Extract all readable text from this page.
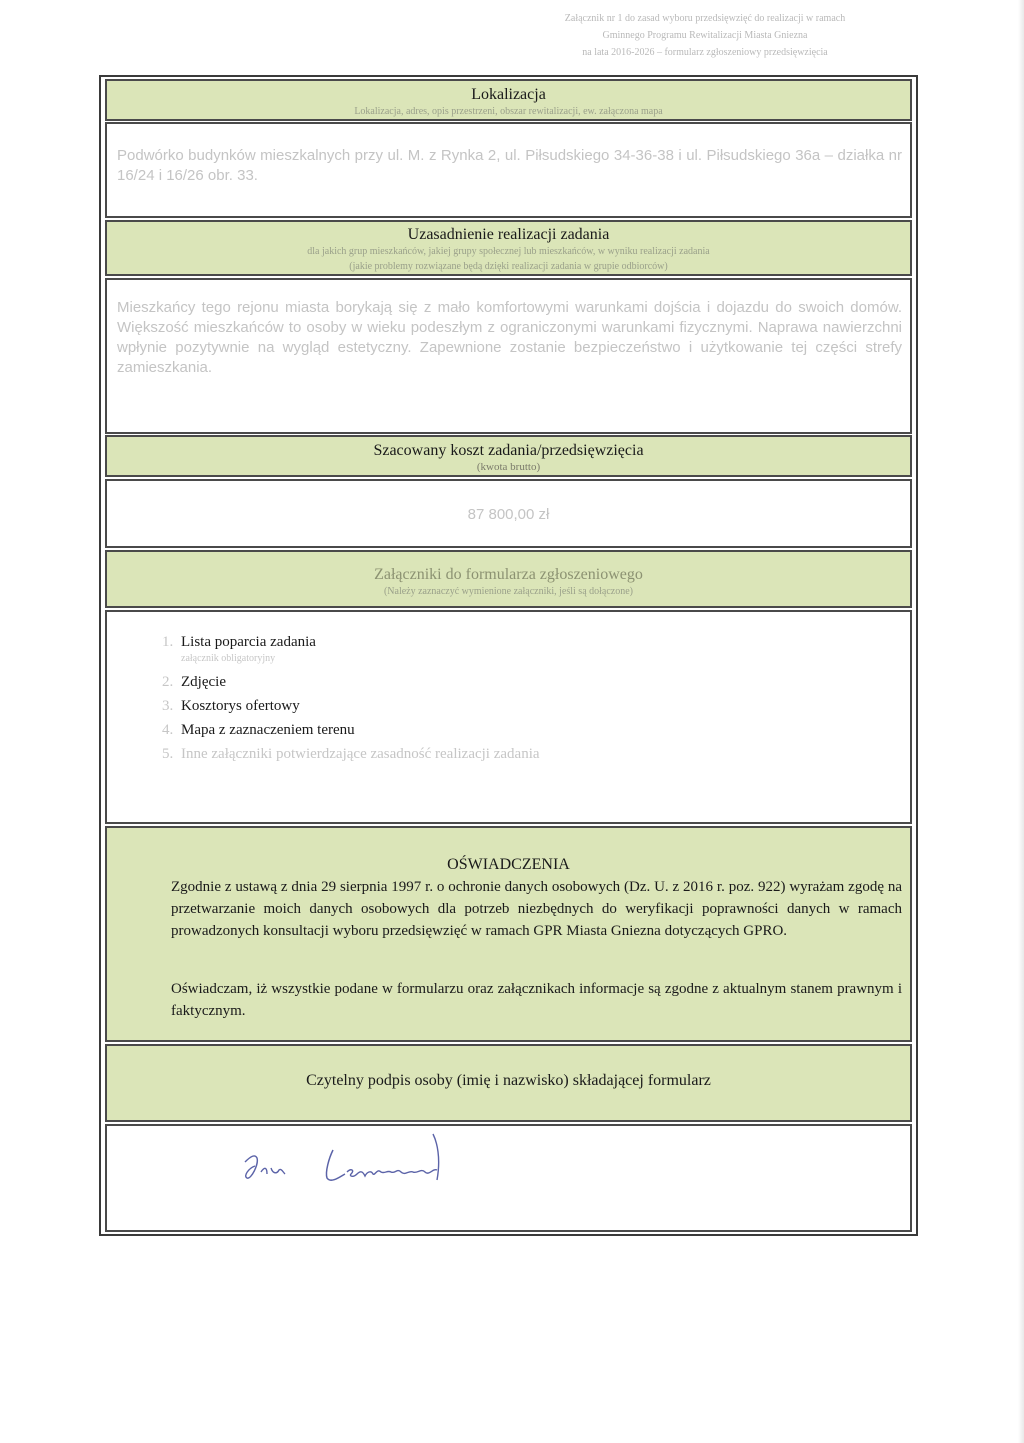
Załącznik nr 1 do zasad wyboru przedsięwzięć do realizacji w ramach
Gminnego Programu Rewitalizacji Miasta Gniezna
na lata 2016-2026 – formularz zgłoszeniowy przedsięwzięcia
Lokalizacja
Lokalizacja, adres, opis przestrzeni, obszar rewitalizacji, ew. załączona mapa
Podwórko budynków mieszkalnych przy ul. M. z Rynka 2, ul. Piłsudskiego 34-36-38 i ul. Piłsudskiego 36a – działka nr 16/24 i 16/26 obr. 33.
Uzasadnienie realizacji zadania
dla jakich grup mieszkańców, jakiej grupy społecznej lub mieszkańców, w wyniku realizacji zadania
(jakie problemy rozwiązane będą dzięki realizacji zadania w grupie odbiorców)
Mieszkańcy tego rejonu miasta borykają się z mało komfortowymi warunkami dojścia i dojazdu do swoich domów. Większość mieszkańców to osoby w wieku podeszłym z ograniczonymi warunkami fizycznymi. Naprawa nawierzchni wpłynie pozytywnie na wygląd estetyczny. Zapewnione zostanie bezpieczeństwo i użytkowanie tej części strefy zamieszkania.
Szacowany koszt zadania/przedsięwzięcia
(kwota brutto)
87 800,00 zł
Załączniki do formularza zgłoszeniowego
(Należy zaznaczyć wymienione załączniki, jeśli są dołączone)
1. Lista poparcia zadania
załącznik obligatoryjny
2. Zdjęcie
3. Kosztorys ofertowy
4. Mapa z zaznaczeniem terenu
5. Inne załączniki potwierdzające zasadność realizacji zadania
OŚWIADCZENIA
Zgodnie z ustawą z dnia 29 sierpnia 1997 r. o ochronie danych osobowych (Dz. U. z 2016 r. poz. 922) wyrażam zgodę na przetwarzanie moich danych osobowych dla potrzeb niezbędnych do weryfikacji poprawności danych w ramach prowadzonych konsultacji wyboru przedsięwzięć w ramach GPR Miasta Gniezna dotyczących GPRO.
Oświadczam, iż wszystkie podane w formularzu oraz załącznikach informacje są zgodne z aktualnym stanem prawnym i faktycznym.
Czytelny podpis osoby (imię i nazwisko) składającej formularz
